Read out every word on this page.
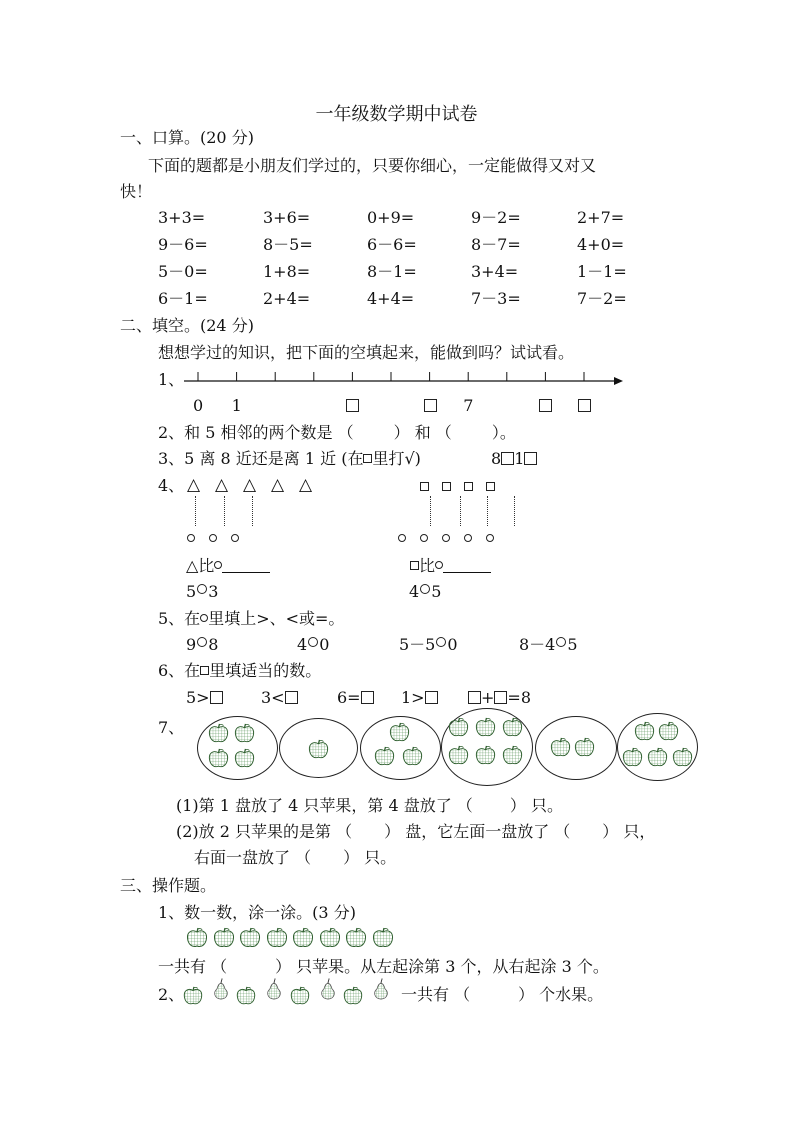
一年级数学期中试卷
一、口算。(20 分)
下面的题都是小朋友们学过的，只要你细心，一定能做得又对又
快！
3+3=	3+6=	0+9=	9－2=	2+7=
9－6=	8－5=	6－6=	8－7=	4+0=
5－0=	1+8=	8－1=	3+4=	1－1=
6－1=	2+4=	4+4=	7－3=	7－2=
二、填空。(24 分)
想想学过的知识，把下面的空填起来，能做到吗？试试看。
1、
0 1	7
2、和 5 相邻的两个数是 （	） 和 （	）。
3、5 离 8 近还是离 1 近 (在 里打√)	8 1
4、 △ △ △ △ △
△比	比
5 3	4 5
5、在 里填上>、<或=。
9 8	4 0	5－5 0	8－4 5
6、在 里填适当的数。
5>	3<	6=	1>	+ =8
7、
(1)第 1 盘放了 4 只苹果，第 4 盘放了 （　　 ） 只。
(2)放 2 只苹果的是第 （　　） 盘，它左面一盘放了 （　　） 只，
右面一盘放了 （　　） 只。
三、操作题。
1、数一数，涂一涂。(3 分)
一共有 （　　　） 只苹果。从左起涂第 3 个，从右起涂 3 个。
2、	一共有 （　　　） 个水果。
